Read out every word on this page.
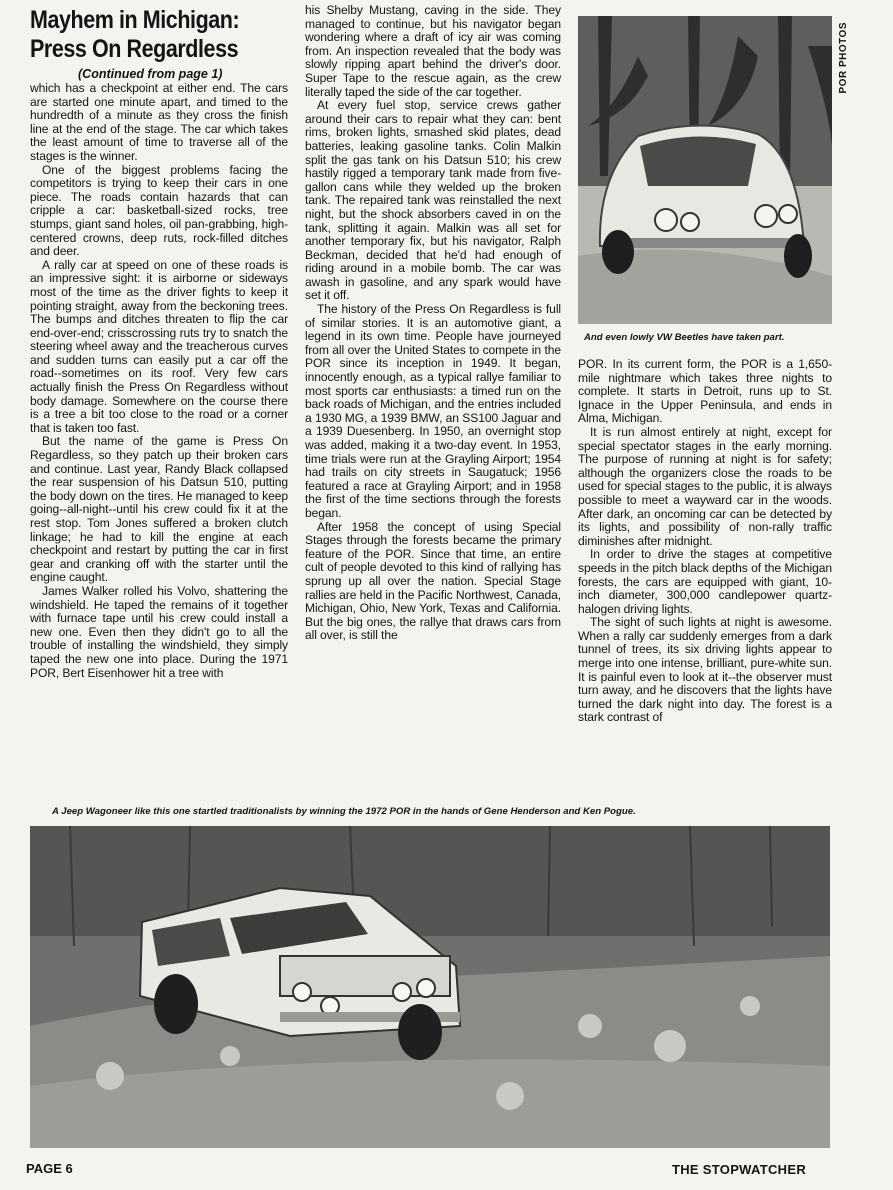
Mayhem in Michigan:
Press On Regardless
(Continued from page 1)

which has a checkpoint at either end. The cars are started one minute apart, and timed to the hundredth of a minute as they cross the finish line at the end of the stage. The car which takes the least amount of time to traverse all of the stages is the winner.

One of the biggest problems facing the competitors is trying to keep their cars in one piece. The roads contain hazards that can cripple a car: basketball-sized rocks, tree stumps, giant sand holes, oil pan-grabbing, high-centered crowns, deep ruts, rock-filled ditches and deer.

A rally car at speed on one of these roads is an impressive sight: it is airborne or sideways most of the time as the driver fights to keep it pointing straight, away from the beckoning trees. The bumps and ditches threaten to flip the car end-over-end; crisscrossing ruts try to snatch the steering wheel away and the treacherous curves and sudden turns can easily put a car off the road--sometimes on its roof. Very few cars actually finish the Press On Regardless without body damage. Somewhere on the course there is a tree a bit too close to the road or a corner that is taken too fast.

But the name of the game is Press On Regardless, so they patch up their broken cars and continue. Last year, Randy Black collapsed the rear suspension of his Datsun 510, putting the body down on the tires. He managed to keep going--all-night--until his crew could fix it at the rest stop. Tom Jones suffered a broken clutch linkage; he had to kill the engine at each checkpoint and restart by putting the car in first gear and cranking off with the starter until the engine caught.

James Walker rolled his Volvo, shattering the windshield. He taped the remains of it together with furnace tape until his crew could install a new one. Even then they didn't go to all the trouble of installing the windshield, they simply taped the new one into place. During the 1971 POR, Bert Eisenhower hit a tree with

his Shelby Mustang, caving in the side. They managed to continue, but his navigator began wondering where a draft of icy air was coming from. An inspection revealed that the body was slowly ripping apart behind the driver's door. Super Tape to the rescue again, as the crew literally taped the side of the car together.

At every fuel stop, service crews gather around their cars to repair what they can: bent rims, broken lights, smashed skid plates, dead batteries, leaking gasoline tanks. Colin Malkin split the gas tank on his Datsun 510; his crew hastily rigged a temporary tank made from five-gallon cans while they welded up the broken tank. The repaired tank was reinstalled the next night, but the shock absorbers caved in on the tank, splitting it again. Malkin was all set for another temporary fix, but his navigator, Ralph Beckman, decided that he'd had enough of riding around in a mobile bomb. The car was awash in gasoline, and any spark would have set it off.

The history of the Press On Regardless is full of similar stories. It is an automotive giant, a legend in its own time. People have journeyed from all over the United States to compete in the POR since its inception in 1949. It began, innocently enough, as a typical rallye familiar to most sports car enthusiasts: a timed run on the back roads of Michigan, and the entries included a 1930 MG, a 1939 BMW, an SS100 Jaguar and a 1939 Duesenberg. In 1950, an overnight stop was added, making it a two-day event. In 1953, time trials were run at the Grayling Airport; 1954 had trails on city streets in Saugatuck; 1956 featured a race at Grayling Airport; and in 1958 the first of the time sections through the forests began.

After 1958 the concept of using Special Stages through the forests became the primary feature of the POR. Since that time, an entire cult of people devoted to this kind of rallying has sprung up all over the nation. Special Stage rallies are held in the Pacific Northwest, Canada, Michigan, Ohio, New York, Texas and California. But the big ones, the rallye that draws cars from all over, is still the

POR PHOTOS
And even lowly VW Beetles have taken part.

POR. In its current form, the POR is a 1,650-mile nightmare which takes three nights to complete. It starts in Detroit, runs up to St. Ignace in the Upper Peninsula, and ends in Alma, Michigan.

It is run almost entirely at night, except for special spectator stages in the early morning. The purpose of running at night is for safety; although the organizers close the roads to be used for special stages to the public, it is always possible to meet a wayward car in the woods. After dark, an oncoming car can be detected by its lights, and possibility of non-rally traffic diminishes after midnight.

In order to drive the stages at competitive speeds in the pitch black depths of the Michigan forests, the cars are equipped with giant, 10-inch diameter, 300,000 candlepower quartz-halogen driving lights.

The sight of such lights at night is awesome. When a rally car suddenly emerges from a dark tunnel of trees, its six driving lights appear to merge into one intense, brilliant, pure-white sun. It is painful even to look at it--the observer must turn away, and he discovers that the lights have turned the dark night into day. The forest is a stark contrast of

A Jeep Wagoneer like this one startled traditionalists by winning the 1972 POR in the hands of Gene Henderson and Ken Pogue.
PAGE 6	THE STOPWATCHER
